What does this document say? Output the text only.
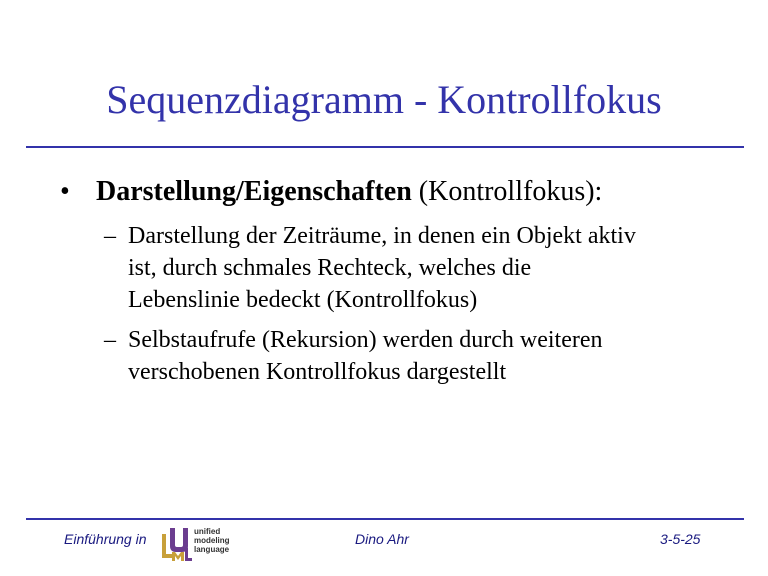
Sequenzdiagramm - Kontrollfokus
• Darstellung/Eigenschaften (Kontrollfokus):
– Darstellung der Zeiträume, in denen ein Objekt aktiv
ist, durch schmales Rechteck, welches die
Lebenslinie bedeckt (Kontrollfokus)
– Selbstaufrufe (Rekursion) werden durch weiteren
verschobenen Kontrollfokus dargestellt
Einführung in	unified
modeling
language
Dino Ahr	3-5-25
